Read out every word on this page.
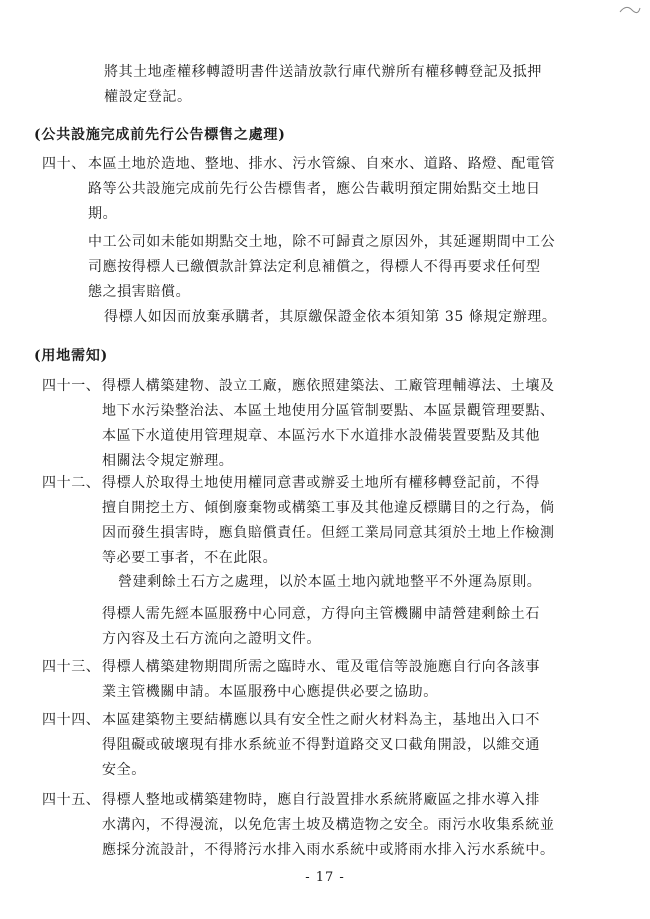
將其土地產權移轉證明書件送請放款行庫代辦所有權移轉登記及抵押
權設定登記。
(公共設施完成前先行公告標售之處理)
四十、 本區土地於造地、整地、排水、污水管線、自來水、道路、路燈、配電管
路等公共設施完成前先行公告標售者，應公告載明預定開始點交土地日
期。
中工公司如未能如期點交土地，除不可歸責之原因外，其延遲期間中工公
司應按得標人已繳價款計算法定利息補償之，得標人不得再要求任何型
態之損害賠償。
得標人如因而放棄承購者，其原繳保證金依本須知第 35 條規定辦理。
(用地需知)
四十一、 得標人構築建物、設立工廠，應依照建築法、工廠管理輔導法、土壤及
地下水污染整治法、本區土地使用分區管制要點、本區景觀管理要點、
本區下水道使用管理規章、本區污水下水道排水設備裝置要點及其他
相關法令規定辦理。
四十二、 得標人於取得土地使用權同意書或辦妥土地所有權移轉登記前，不得
擅自開挖土方、傾倒廢棄物或構築工事及其他違反標購目的之行為，倘
因而發生損害時，應負賠償責任。但經工業局同意其須於土地上作檢測
等必要工事者，不在此限。
營建剩餘土石方之處理，以於本區土地內就地整平不外運為原則。
得標人需先經本區服務中心同意，方得向主管機關申請營建剩餘土石
方內容及土石方流向之證明文件。
四十三、 得標人構築建物期間所需之臨時水、電及電信等設施應自行向各該事
業主管機關申請。本區服務中心應提供必要之協助。
四十四、 本區建築物主要結構應以具有安全性之耐火材料為主，基地出入口不
得阻礙或破壞現有排水系統並不得對道路交叉口截角開設，以維交通
安全。
四十五、 得標人整地或構築建物時，應自行設置排水系統將廠區之排水導入排
水溝內，不得漫流，以免危害土坡及構造物之安全。雨污水收集系統並
應採分流設計，不得將污水排入雨水系統中或將雨水排入污水系統中。
- 17 -
